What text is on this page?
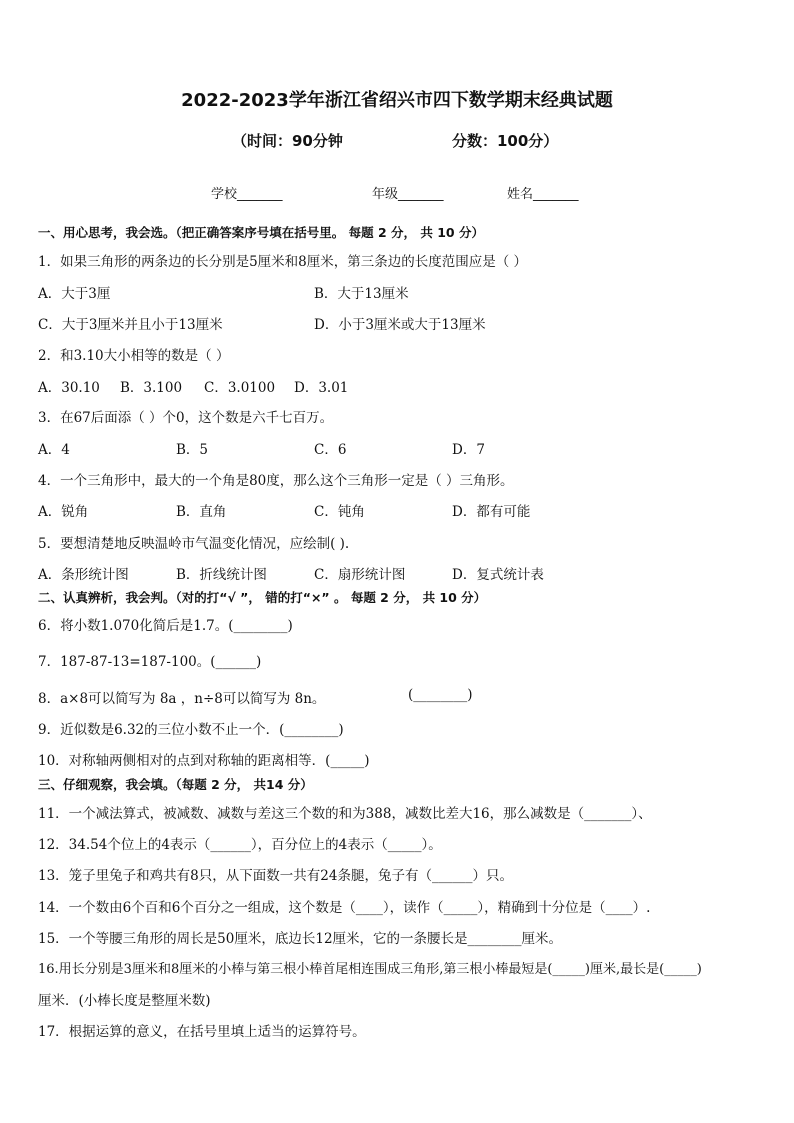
2022-2023学年浙江省绍兴市四下数学期末经典试题
（时间：90分钟	分数：100分）
学校_______	年级_______	姓名_______
一、用心思考，我会选。（把正确答案序号填在括号里。 每题 2 分， 共 10 分）
1．如果三角形的两条边的长分别是5厘米和8厘米，第三条边的长度范围应是（ ）
A．大于3厘	B．大于13厘米
C．大于3厘米并且小于13厘米	D．小于3厘米或大于13厘米
2．和3.10大小相等的数是（ ）
A．30.10 B．3.100 C．3.0100 D．3.01
3．在67后面添（ ）个0，这个数是六千七百万。
A．4	B．5	C．6	D．7
4．一个三角形中，最大的一个角是80度，那么这个三角形一定是（ ）三角形。
A．锐角	B．直角	C．钝角	D．都有可能
5．要想清楚地反映温岭市气温变化情况，应绘制( ).
A．条形统计图	B．折线统计图	C．扇形统计图	D．复式统计表
二、认真辨析，我会判。（对的打“√ ”， 错的打“×” 。 每题 2 分， 共 10 分）
6．将小数1.070化简后是1.7。(________)
7．187-87-13=187-100。(______)
8．a×8可以简写为 8a ，n÷8可以简写为 8n。	(________)
9．近似数是6.32的三位小数不止一个．(________)
10．对称轴两侧相对的点到对称轴的距离相等．(_____)
三、仔细观察，我会填。（每题 2 分， 共14 分）
11．一个减法算式，被减数、减数与差这三个数的和为388，减数比差大16，那么减数是（_______）、
12．34.54个位上的4表示（______），百分位上的4表示（_____）。
13．笼子里兔子和鸡共有8只，从下面数一共有24条腿，兔子有（______）只。
14．一个数由6个百和6个百分之一组成，这个数是（____），读作（_____），精确到十分位是（____）.
15．一个等腰三角形的周长是50厘米，底边长12厘米，它的一条腰长是________厘米。
16.用长分别是3厘米和8厘米的小棒与第三根小棒首尾相连围成三角形,第三根小棒最短是(_____)厘米,最长是(_____)
厘米．(小棒长度是整厘米数)
17．根据运算的意义，在括号里填上适当的运算符号。
